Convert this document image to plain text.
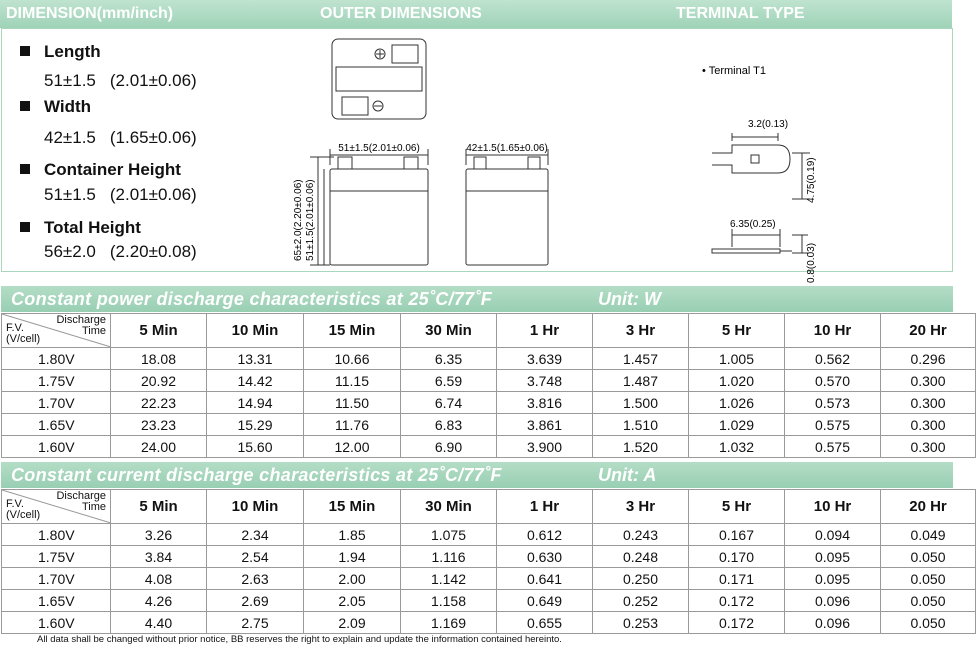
DIMENSION(mm/inch)	OUTER DIMENSIONS	TERMINAL TYPE
Length
51±1.5 (2.01±0.06)
Width
42±1.5 (1.65±0.06)
Container Height
51±1.5 (2.01±0.06)
Total Height
56±2.0 (2.20±0.08)
51±1.5(2.01±0.06)
65±2.0(2.20±0.06) 51±1.5(2.01±0.06)
42±1.5(1.65±0.06)
• Terminal T1
3.2(0.13)
4.75(0.19)
6.35(0.25)
0.8(0.03)
Constant power discharge characteristics at 25˚C/77˚F	Unit: W
Discharge
Time
F.V.
(V/cell)	5 Min	10 Min	15 Min	30 Min	1 Hr	3 Hr	5 Hr	10 Hr	20 Hr
1.80V	18.08	13.31	10.66	6.35	3.639	1.457	1.005	0.562	0.296
1.75V	20.92	14.42	11.15	6.59	3.748	1.487	1.020	0.570	0.300
1.70V	22.23	14.94	11.50	6.74	3.816	1.500	1.026	0.573	0.300
1.65V	23.23	15.29	11.76	6.83	3.861	1.510	1.029	0.575	0.300
1.60V	24.00	15.60	12.00	6.90	3.900	1.520	1.032	0.575	0.300
Constant current discharge characteristics at 25˚C/77˚F	Unit: A
Discharge
Time
F.V.
(V/cell)	5 Min	10 Min	15 Min	30 Min	1 Hr	3 Hr	5 Hr	10 Hr	20 Hr
1.80V	3.26	2.34	1.85	1.075	0.612	0.243	0.167	0.094	0.049
1.75V	3.84	2.54	1.94	1.116	0.630	0.248	0.170	0.095	0.050
1.70V	4.08	2.63	2.00	1.142	0.641	0.250	0.171	0.095	0.050
1.65V	4.26	2.69	2.05	1.158	0.649	0.252	0.172	0.096	0.050
1.60V	4.40	2.75	2.09	1.169	0.655	0.253	0.172	0.096	0.050
All data shall be changed without prior notice, BB reserves the right to explain and update the information contained hereinto.
